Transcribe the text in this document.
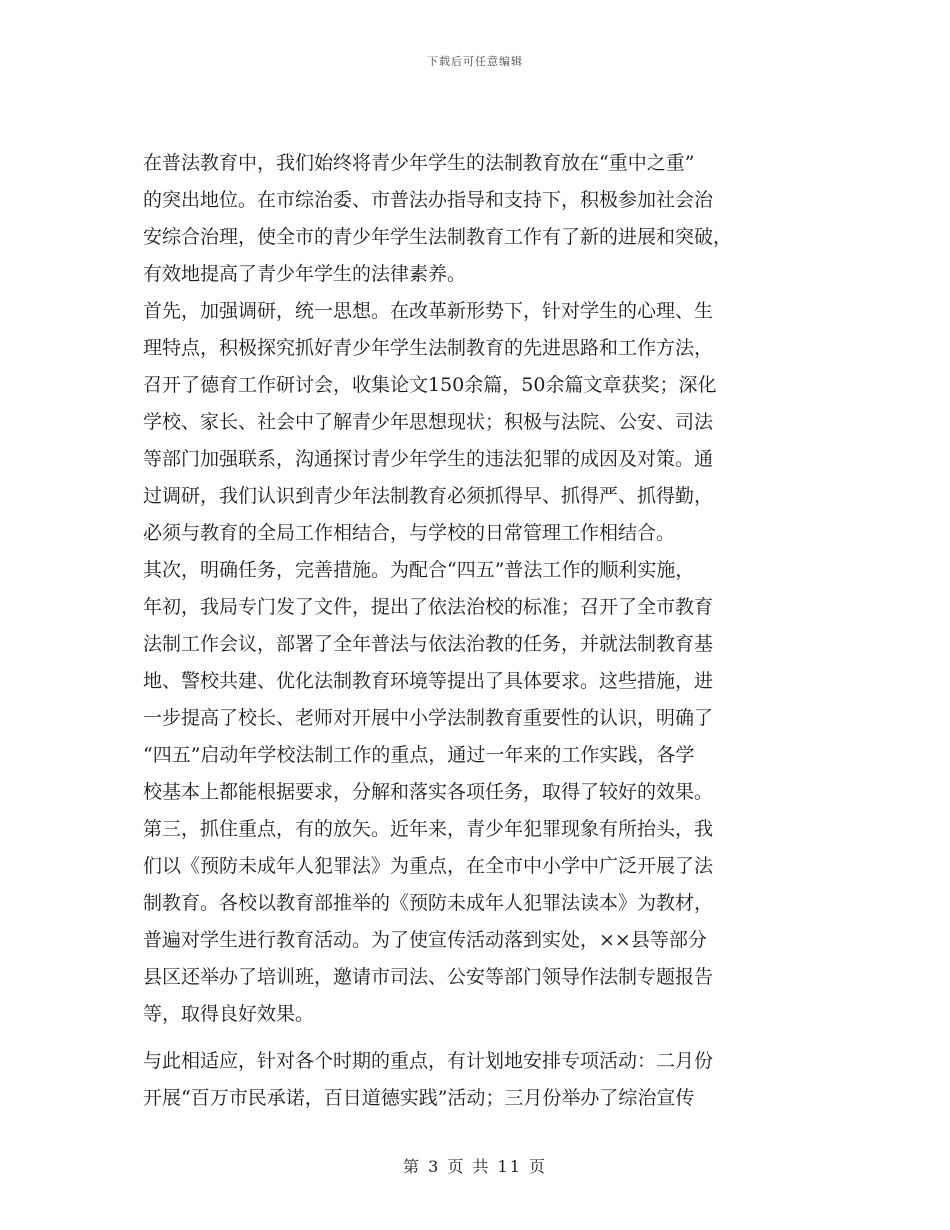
下载后可任意编辑
在普法教育中，我们始终将青少年学生的法制教育放在“重中之重”
的突出地位。在市综治委、市普法办指导和支持下，积极参加社会治
安综合治理，使全市的青少年学生法制教育工作有了新的进展和突破，
有效地提高了青少年学生的法律素养。
首先，加强调研，统一思想。在改革新形势下，针对学生的心理、生
理特点，积极探究抓好青少年学生法制教育的先进思路和工作方法，
召开了德育工作研讨会，收集论文150余篇，50余篇文章获奖；深化
学校、家长、社会中了解青少年思想现状；积极与法院、公安、司法
等部门加强联系，沟通探讨青少年学生的违法犯罪的成因及对策。通
过调研，我们认识到青少年法制教育必须抓得早、抓得严、抓得勤，
必须与教育的全局工作相结合，与学校的日常管理工作相结合。
其次，明确任务，完善措施。为配合“四五”普法工作的顺利实施，
年初，我局专门发了文件，提出了依法治校的标准；召开了全市教育
法制工作会议，部署了全年普法与依法治教的任务，并就法制教育基
地、警校共建、优化法制教育环境等提出了具体要求。这些措施，进
一步提高了校长、老师对开展中小学法制教育重要性的认识，明确了
“四五”启动年学校法制工作的重点，通过一年来的工作实践，各学
校基本上都能根据要求，分解和落实各项任务，取得了较好的效果。
第三，抓住重点，有的放矢。近年来，青少年犯罪现象有所抬头，我
们以《预防未成年人犯罪法》为重点，在全市中小学中广泛开展了法
制教育。各校以教育部推举的《预防未成年人犯罪法读本》为教材，
普遍对学生进行教育活动。为了使宣传活动落到实处，××县等部分
县区还举办了培训班，邀请市司法、公安等部门领导作法制专题报告
等，取得良好效果。
与此相适应，针对各个时期的重点，有计划地安排专项活动：二月份
开展“百万市民承诺，百日道德实践”活动；三月份举办了综治宣传
第 3 页 共 11 页
